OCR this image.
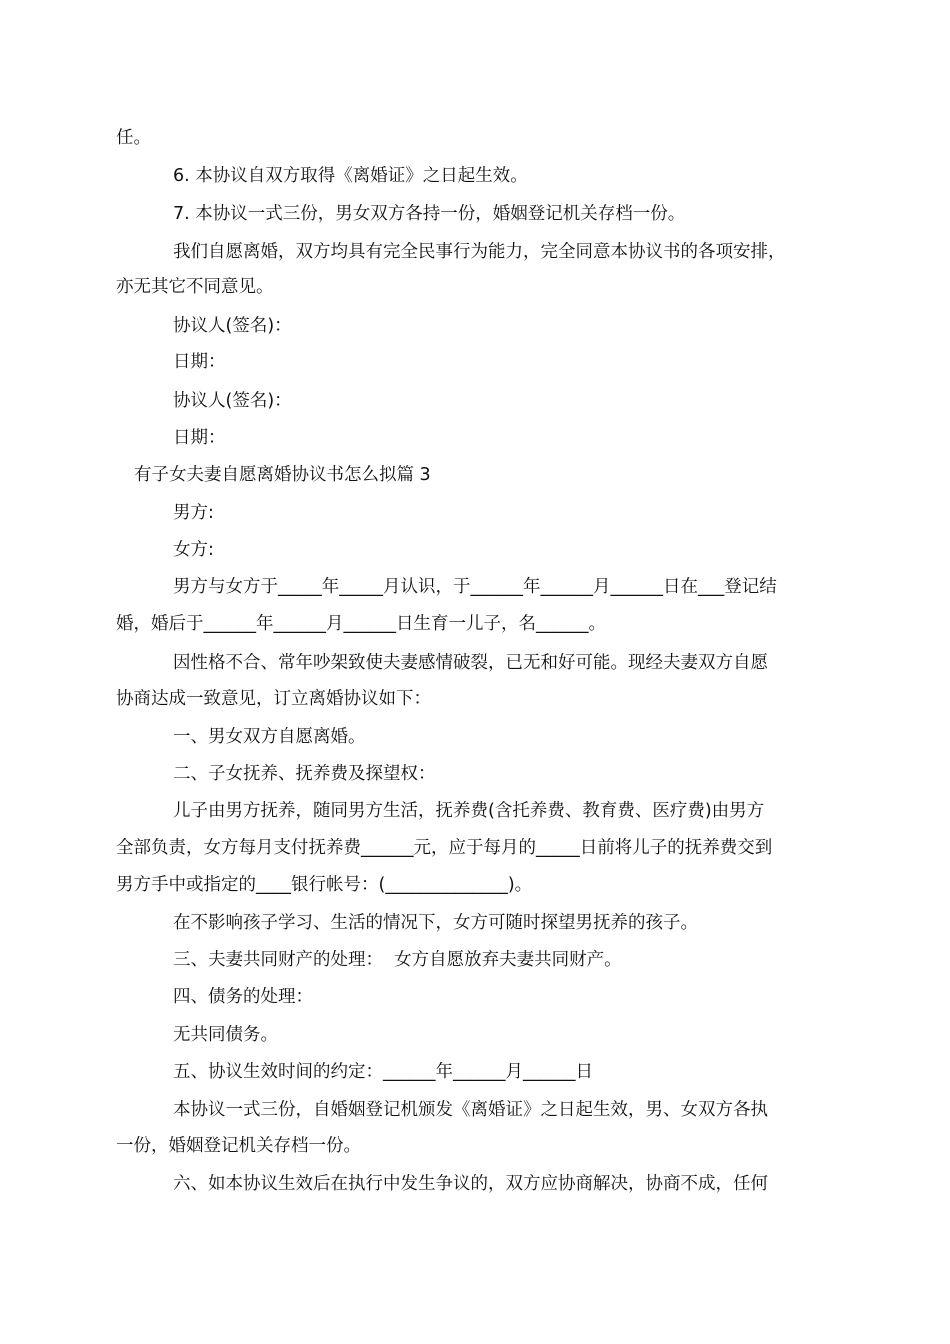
任。
6. 本协议自双方取得《离婚证》之日起生效。
7. 本协议一式三份，男女双方各持一份，婚姻登记机关存档一份。
我们自愿离婚，双方均具有完全民事行为能力，完全同意本协议书的各项安排，
亦无其它不同意见。
协议人(签名)：
日期：
协议人(签名)：
日期：
有子女夫妻自愿离婚协议书怎么拟篇 3
男方:
女方:
男方与女方于_____年_____月认识，于______年______月______日在___登记结
婚，婚后于______年______月______日生育一儿子，名______。
因性格不合、常年吵架致使夫妻感情破裂，已无和好可能。现经夫妻双方自愿
协商达成一致意见，订立离婚协议如下：
一、男女双方自愿离婚。
二、子女抚养、抚养费及探望权：
儿子由男方抚养，随同男方生活，抚养费(含托养费、教育费、医疗费)由男方
全部负责，女方每月支付抚养费______元，应于每月的_____日前将儿子的抚养费交到
男方手中或指定的____银行帐号：(______________)。
在不影响孩子学习、生活的情况下，女方可随时探望男抚养的孩子。
三、夫妻共同财产的处理：  女方自愿放弃夫妻共同财产。
四、债务的处理：
无共同债务。
五、协议生效时间的约定：______年______月______日
本协议一式三份，自婚姻登记机颁发《离婚证》之日起生效，男、女双方各执
一份，婚姻登记机关存档一份。
六、如本协议生效后在执行中发生争议的，双方应协商解决，协商不成，任何
